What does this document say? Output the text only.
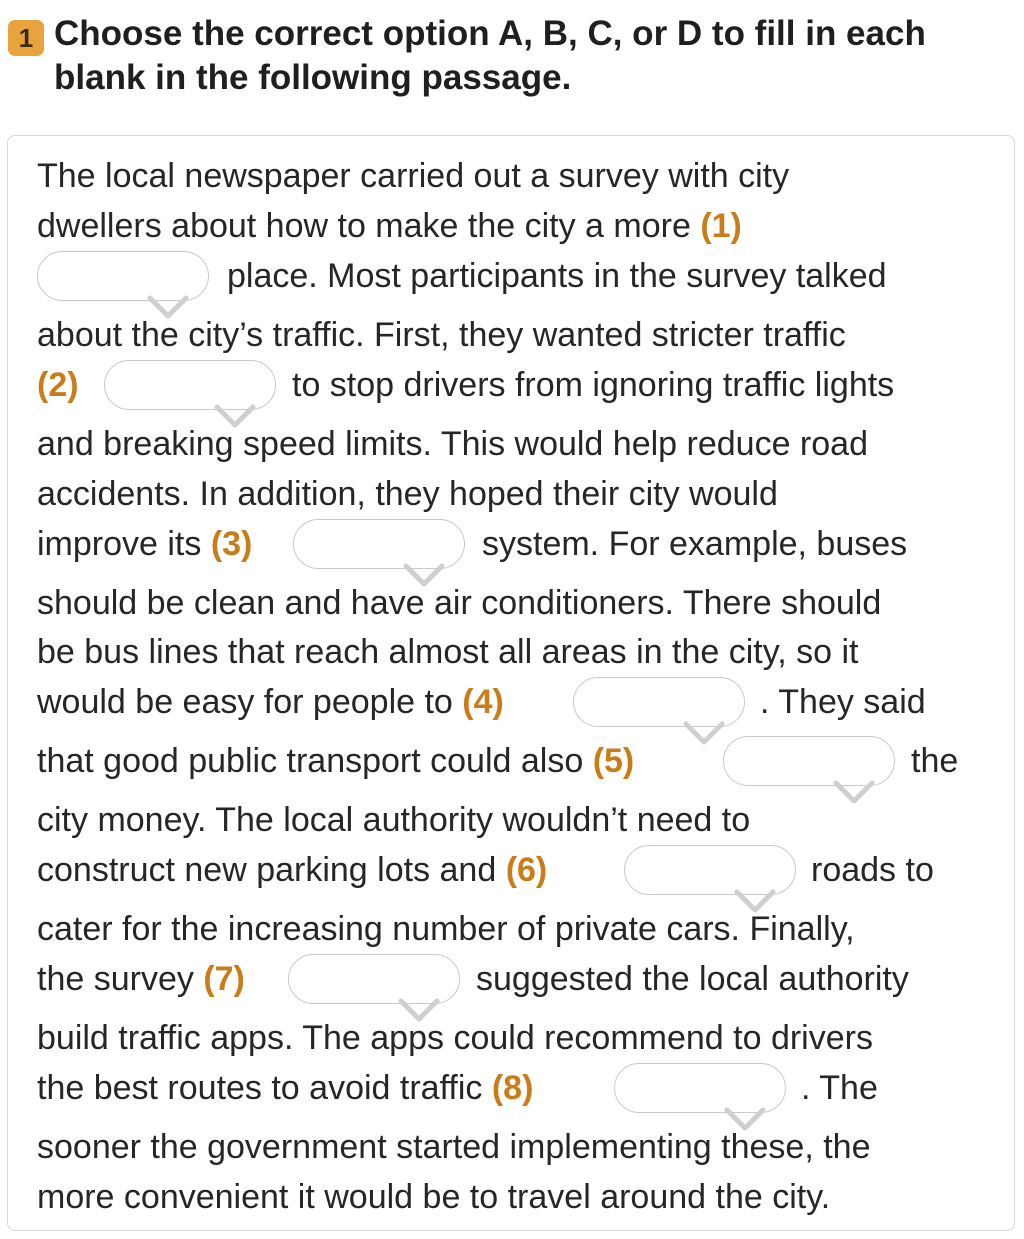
1 Choose the correct option A, B, C, or D to fill in each blank in the following passage.
The local newspaper carried out a survey with city
dwellers about how to make the city a more (1)
place. Most participants in the survey talked
about the city’s traffic. First, they wanted stricter traffic
(2)	to stop drivers from ignoring traffic lights
and breaking speed limits. This would help reduce road
accidents. In addition, they hoped their city would
improve its (3)	system. For example, buses
should be clean and have air conditioners. There should
be bus lines that reach almost all areas in the city, so it
would be easy for people to (4)	. They said
that good public transport could also (5)	the
city money. The local authority wouldn’t need to
construct new parking lots and (6)	roads to
cater for the increasing number of private cars. Finally,
the survey (7)	suggested the local authority
build traffic apps. The apps could recommend to drivers
the best routes to avoid traffic (8)	. The
sooner the government started implementing these, the
more convenient it would be to travel around the city.
